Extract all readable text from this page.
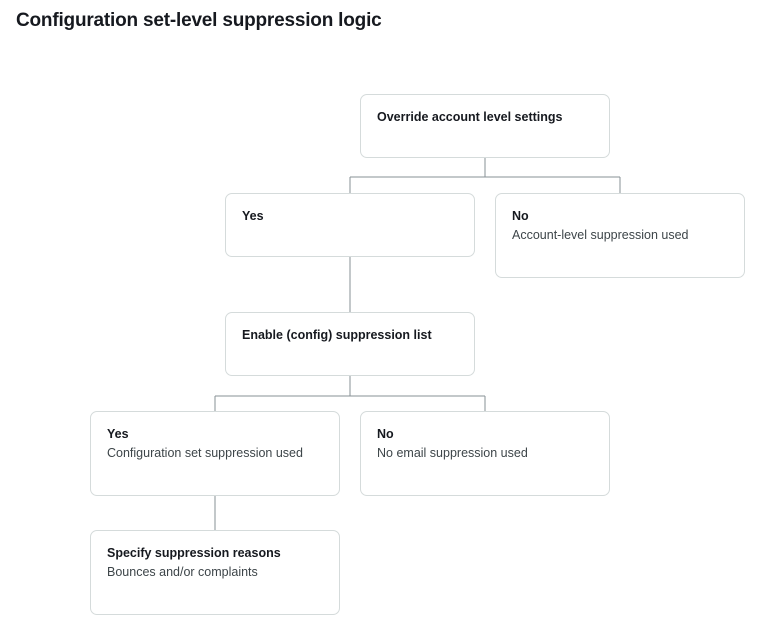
Configuration set-level suppression logic
Override account level settings
Yes	No
Account-level suppression used
Enable (config) suppression list
Yes
Configuration set suppression used
No
No email suppression used
Specify suppression reasons
Bounces and/or complaints
